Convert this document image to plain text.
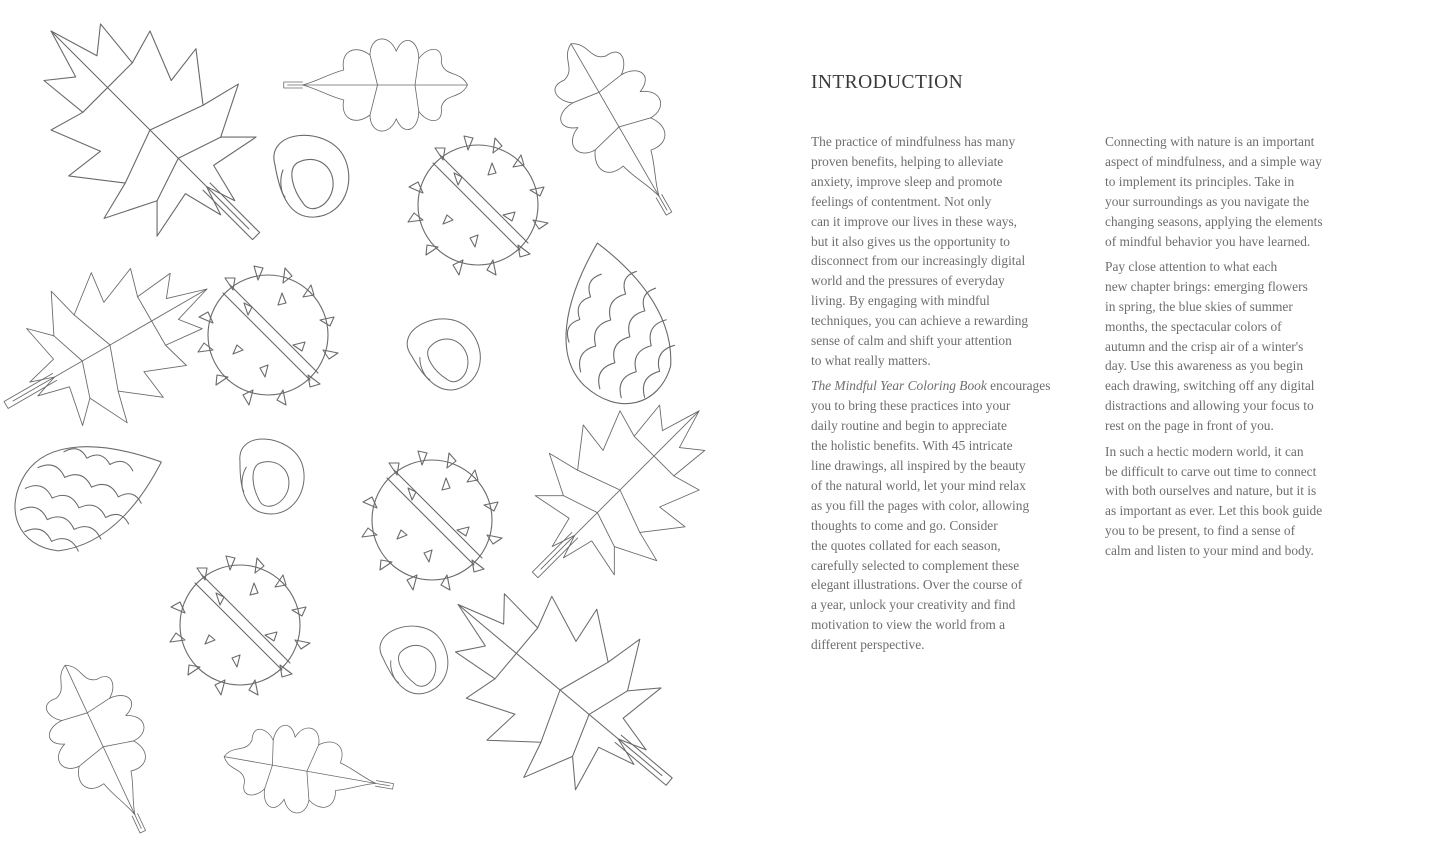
INTRODUCTION

The practice of mindfulness has many
proven benefits, helping to alleviate
anxiety, improve sleep and promote
feelings of contentment. Not only
can it improve our lives in these ways,
but it also gives us the opportunity to
disconnect from our increasingly digital
world and the pressures of everyday
living. By engaging with mindful
techniques, you can achieve a rewarding
sense of calm and shift your attention
to what really matters.

The Mindful Year Coloring Book encourages
you to bring these practices into your
daily routine and begin to appreciate
the holistic benefits. With 45 intricate
line drawings, all inspired by the beauty
of the natural world, let your mind relax
as you fill the pages with color, allowing
thoughts to come and go. Consider
the quotes collated for each season,
carefully selected to complement these
elegant illustrations. Over the course of
a year, unlock your creativity and find
motivation to view the world from a
different perspective.

Connecting with nature is an important
aspect of mindfulness, and a simple way
to implement its principles. Take in
your surroundings as you navigate the
changing seasons, applying the elements
of mindful behavior you have learned.

Pay close attention to what each
new chapter brings: emerging flowers
in spring, the blue skies of summer
months, the spectacular colors of
autumn and the crisp air of a winter's
day. Use this awareness as you begin
each drawing, switching off any digital
distractions and allowing your focus to
rest on the page in front of you.

In such a hectic modern world, it can
be difficult to carve out time to connect
with both ourselves and nature, but it is
as important as ever. Let this book guide
you to be present, to find a sense of
calm and listen to your mind and body.
